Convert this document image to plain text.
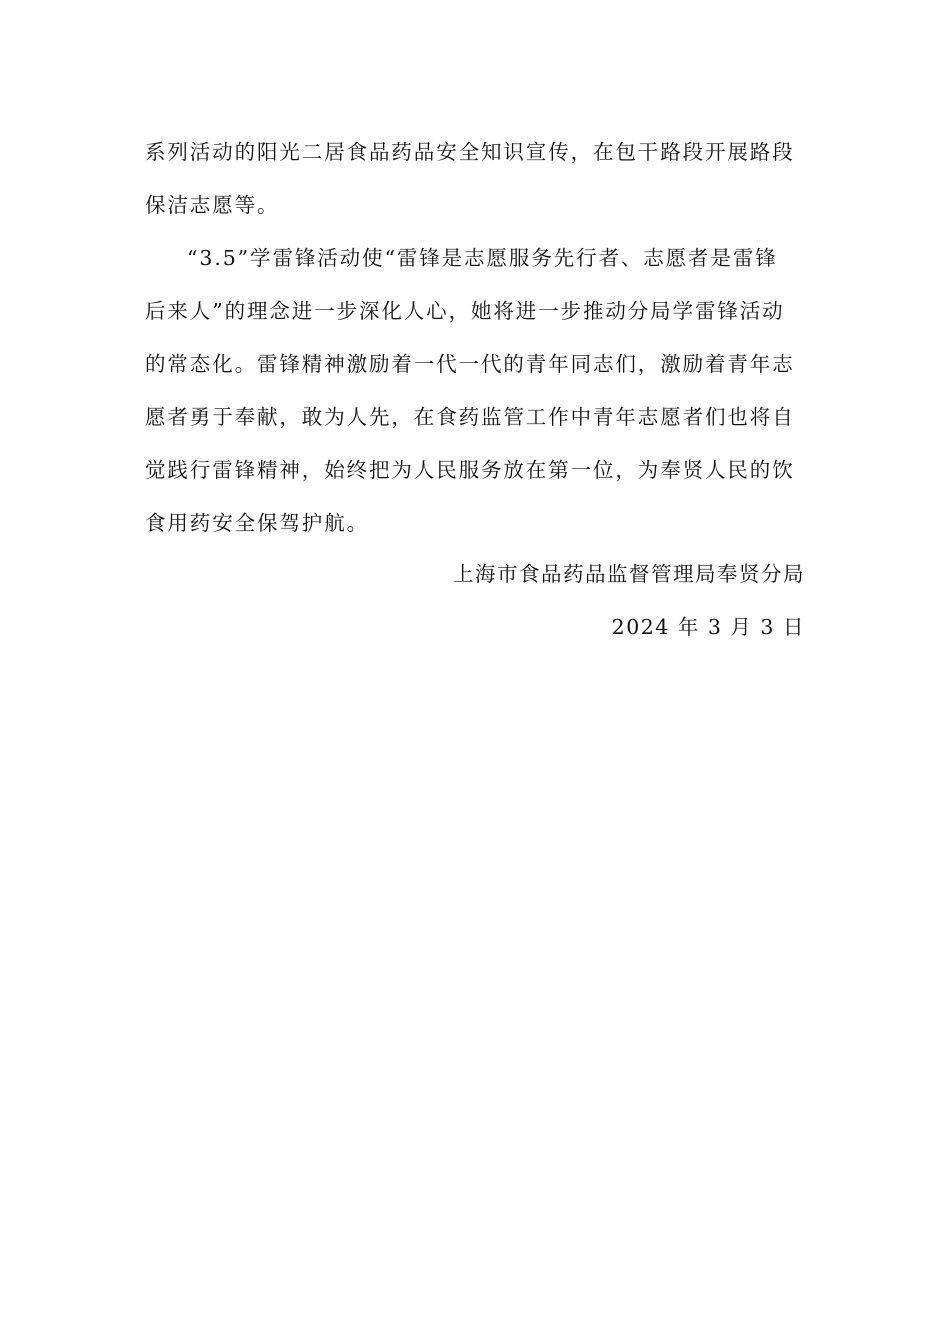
系列活动的阳光二居食品药品安全知识宣传，在包干路段开展路段
保洁志愿等。
“3.5”学雷锋活动使“雷锋是志愿服务先行者、志愿者是雷锋
后来人”的理念进一步深化人心，她将进一步推动分局学雷锋活动
的常态化。雷锋精神激励着一代一代的青年同志们，激励着青年志
愿者勇于奉献，敢为人先，在食药监管工作中青年志愿者们也将自
觉践行雷锋精神，始终把为人民服务放在第一位，为奉贤人民的饮
食用药安全保驾护航。
上海市食品药品监督管理局奉贤分局
2024 年 3 月 3 日
